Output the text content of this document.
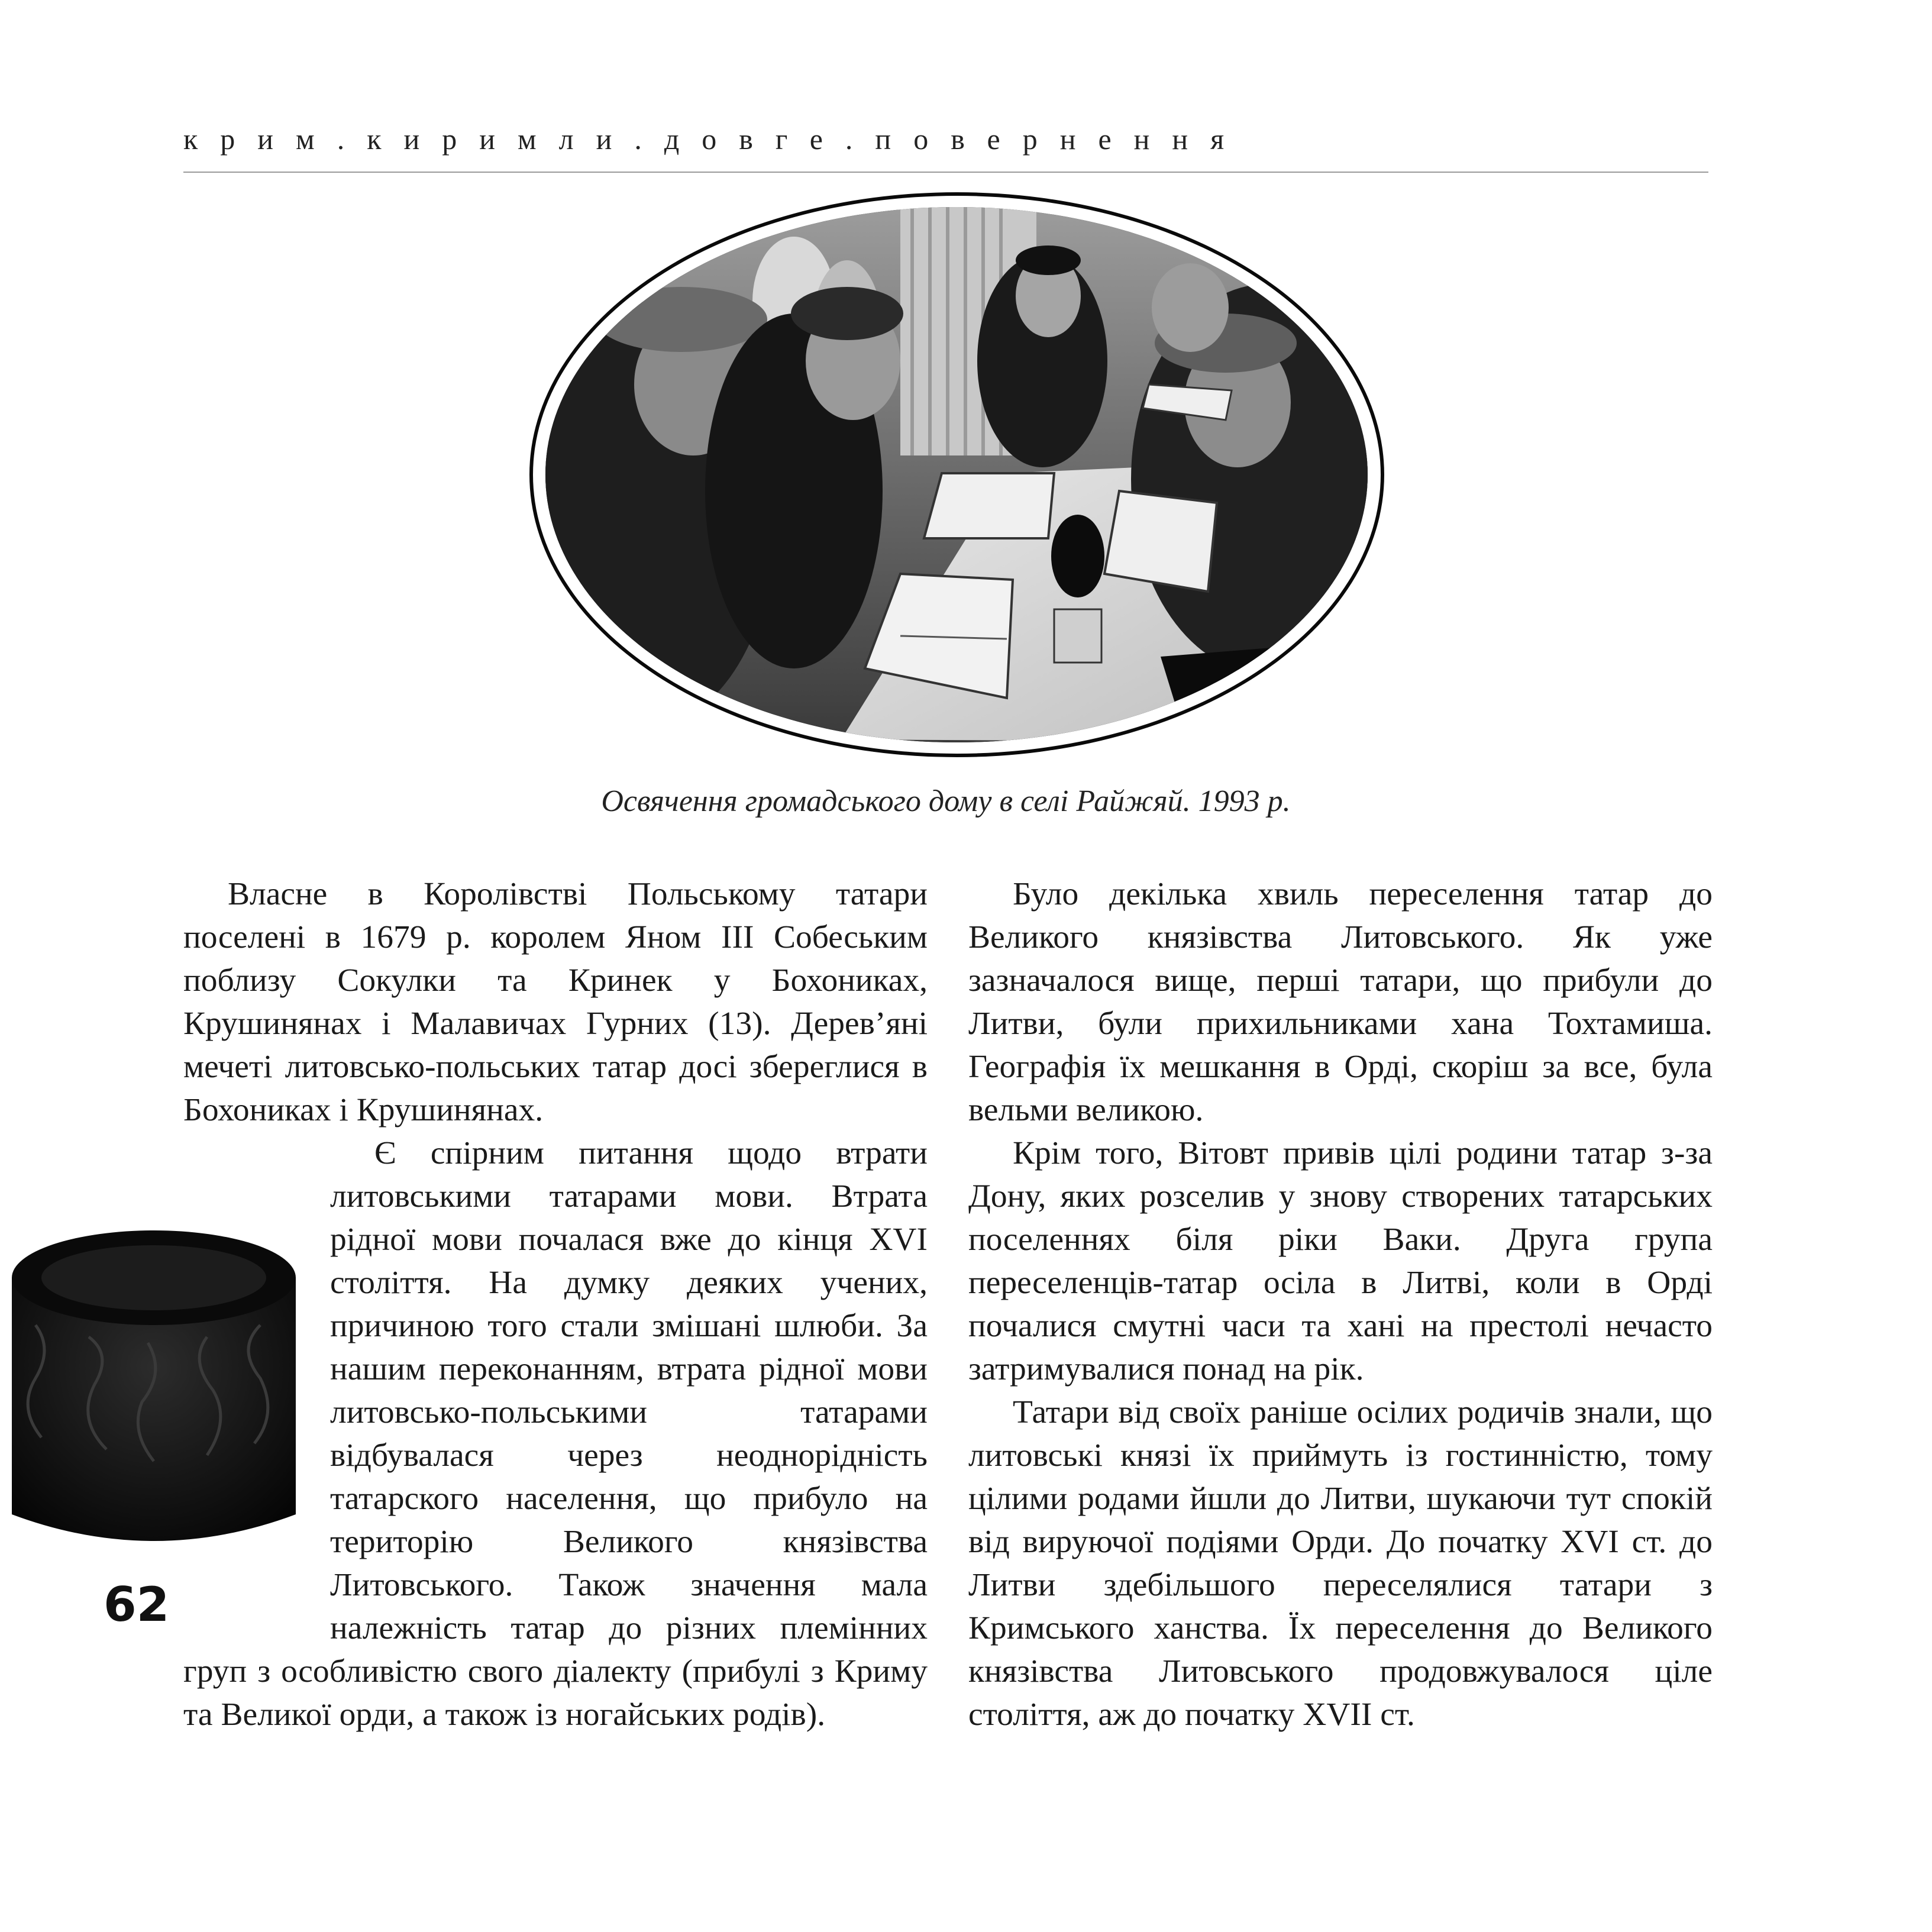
крим.киримли.довге.повернення
Освячення громадського дому в селі Райжяй. 1993 р.

Власне в Королівстві Польському татари поселені в 1679 р. королем Яном III Собеським поблизу Сокулки та Кринек у Бохониках, Крушинянах і Малавичах Гурних (13). Дерев’яні мечеті литовсько-польських татар досі збереглися в Бохониках і Крушинянах.

Є спірним питання щодо втрати литовськими татарами мови. Втрата рідної мови почалася вже до кінця XVI століття. На думку деяких учених, причиною того стали змішані шлюби. За нашим переконанням, втрата рідної мови литовсько-польськими татарами відбувалася через неоднорідність татарского населення, що прибуло на територію Великого князівства Литовського. Також значення мала належність татар до різних племінних груп з особливістю свого діалекту (прибулі з Криму та Великої орди, а також із ногайських родів).

Було декілька хвиль переселення татар до Великого князівства Литовського. Як уже зазначалося вище, перші татари, що прибули до Литви, були прихильниками хана Тохтамиша. Географія їх мешкання в Орді, скоріш за все, була вельми великою.

Крім того, Вітовт привів цілі родини татар з-за Дону, яких розселив у знову створених татарських поселеннях біля ріки Ваки. Друга група переселенців-татар осіла в Литві, коли в Орді почалися смутні часи та хані на престолі нечасто затримувалися понад на рік.

Татари від своїх раніше осілих родичів знали, що литовські князі їх приймуть із гостинністю, тому цілими родами йшли до Литви, шукаючи тут спокій від вируючої подіями Орди. До початку XVI ст. до Литви здебільшого переселялися татари з Кримського ханства. Їх переселення до Великого князівства Литовського продовжувалося ціле століття, аж до початку XVII ст.

62
